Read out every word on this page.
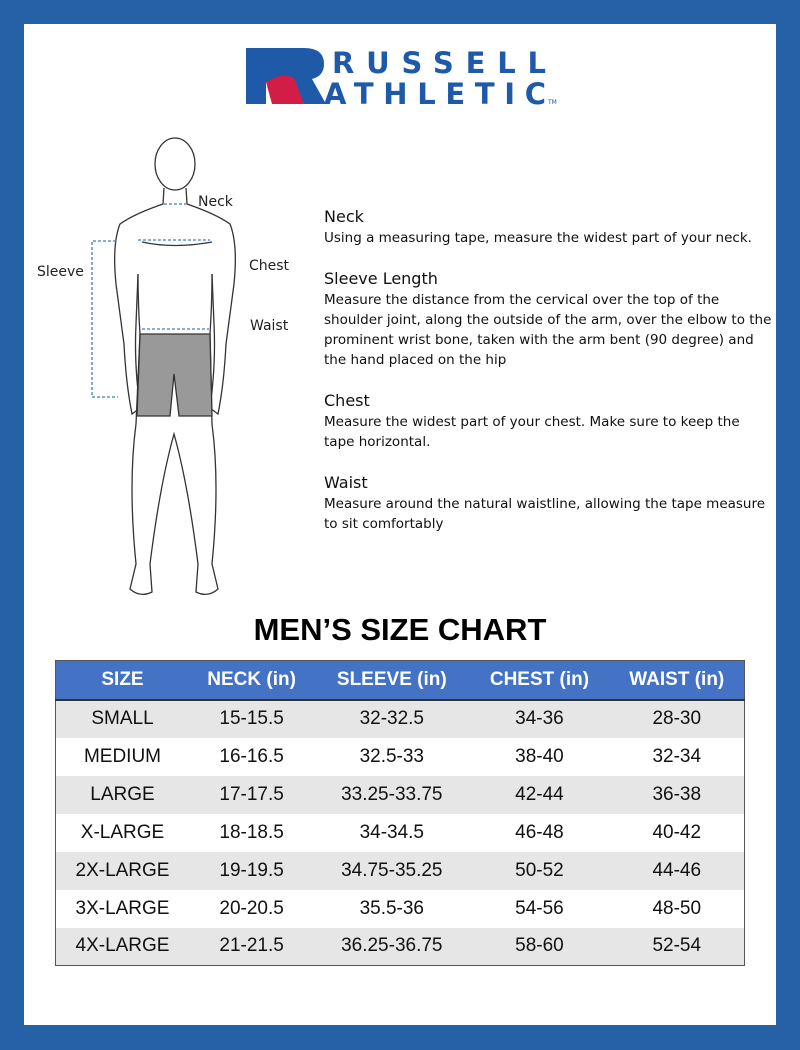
RUSSELL
ATHLETIC TM
Neck
Sleeve	Chest
Waist
Neck

Using a measuring tape, measure the widest part of your neck.

Sleeve Length

Measure the distance from the cervical over the top of the shoulder joint, along the outside of the arm, over the elbow to the prominent wrist bone, taken with the arm bent (90 degree) and the hand placed on the hip

Chest

Measure the widest part of your chest. Make sure to keep the tape horizontal.

Waist

Measure around the natural waistline, allowing the tape measure to sit comfortably

MEN’S SIZE CHART
SIZE	NECK (in)	SLEEVE (in)	CHEST (in)	WAIST (in)
SMALL	15-15.5	32-32.5	34-36	28-30
MEDIUM	16-16.5	32.5-33	38-40	32-34
LARGE	17-17.5	33.25-33.75	42-44	36-38
X-LARGE	18-18.5	34-34.5	46-48	40-42
2X-LARGE	19-19.5	34.75-35.25	50-52	44-46
3X-LARGE	20-20.5	35.5-36	54-56	48-50
4X-LARGE	21-21.5	36.25-36.75	58-60	52-54
